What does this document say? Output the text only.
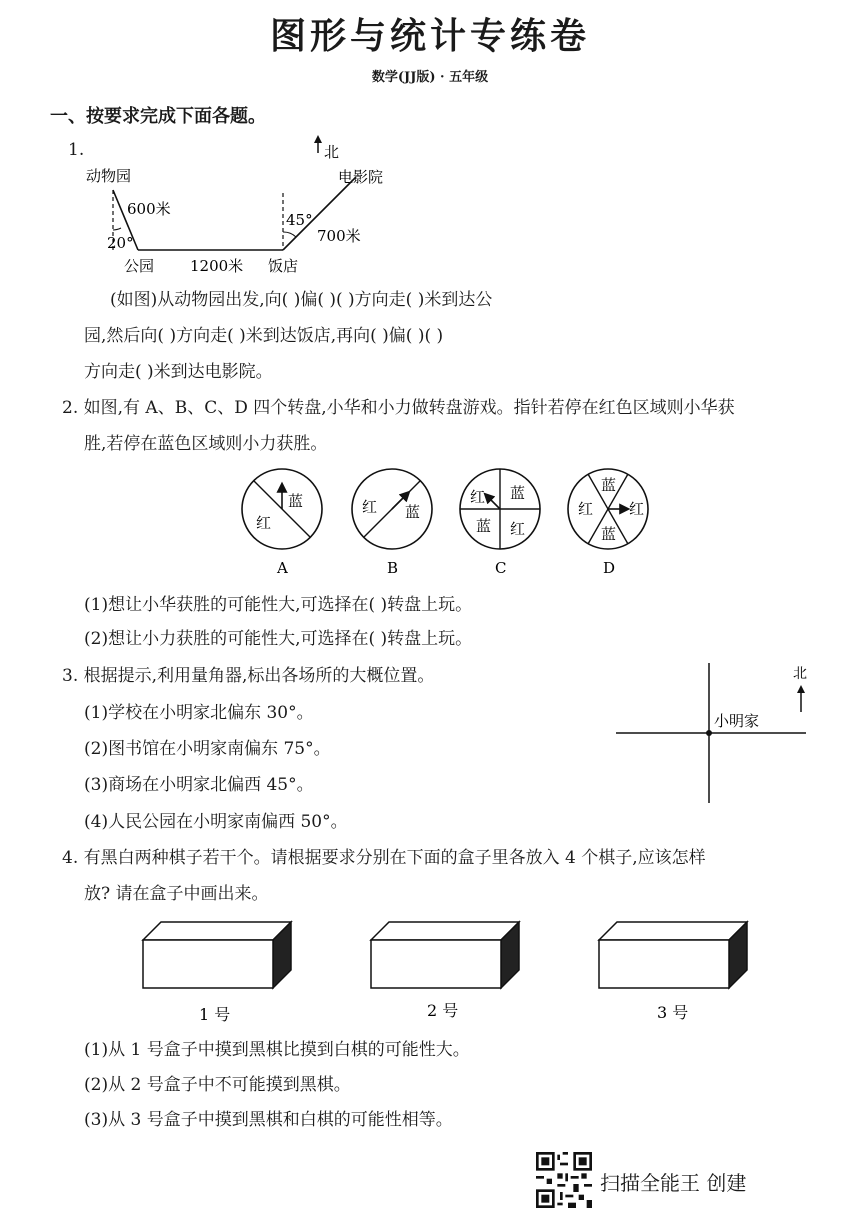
图形与统计专练卷
数学(JJ版) · 五年级
一、按要求完成下面各题。
1.	北
动物园	电影院
600米
20°
45°
700米
公园 1200米 饭店
(如图)从动物园出发,向( )偏( )( )方向走( )米到达公
园,然后向( )方向走( )米到达饭店,再向( )偏( )( )
方向走( )米到达电影院。
2. 如图,有 A、B、C、D 四个转盘,小华和小力做转盘游戏。指针若停在红色区域则小华获
胜,若停在蓝色区域则小力获胜。
蓝
红
红 蓝
红 蓝
蓝 红
蓝
红 红
蓝
A	B	C	D
(1)想让小华获胜的可能性大,可选择在( )转盘上玩。
(2)想让小力获胜的可能性大,可选择在( )转盘上玩。
3. 根据提示,利用量角器,标出各场所的大概位置。
(1)学校在小明家北偏东 30°。
(2)图书馆在小明家南偏东 75°。
(3)商场在小明家北偏西 45°。
(4)人民公园在小明家南偏西 50°。
小明家
北
4. 有黑白两种棋子若干个。请根据要求分别在下面的盒子里各放入 4 个棋子,应该怎样
放? 请在盒子中画出来。
1 号	2 号	3 号
(1)从 1 号盒子中摸到黑棋比摸到白棋的可能性大。
(2)从 2 号盒子中不可能摸到黑棋。
(3)从 3 号盒子中摸到黑棋和白棋的可能性相等。
扫描全能王 创建
